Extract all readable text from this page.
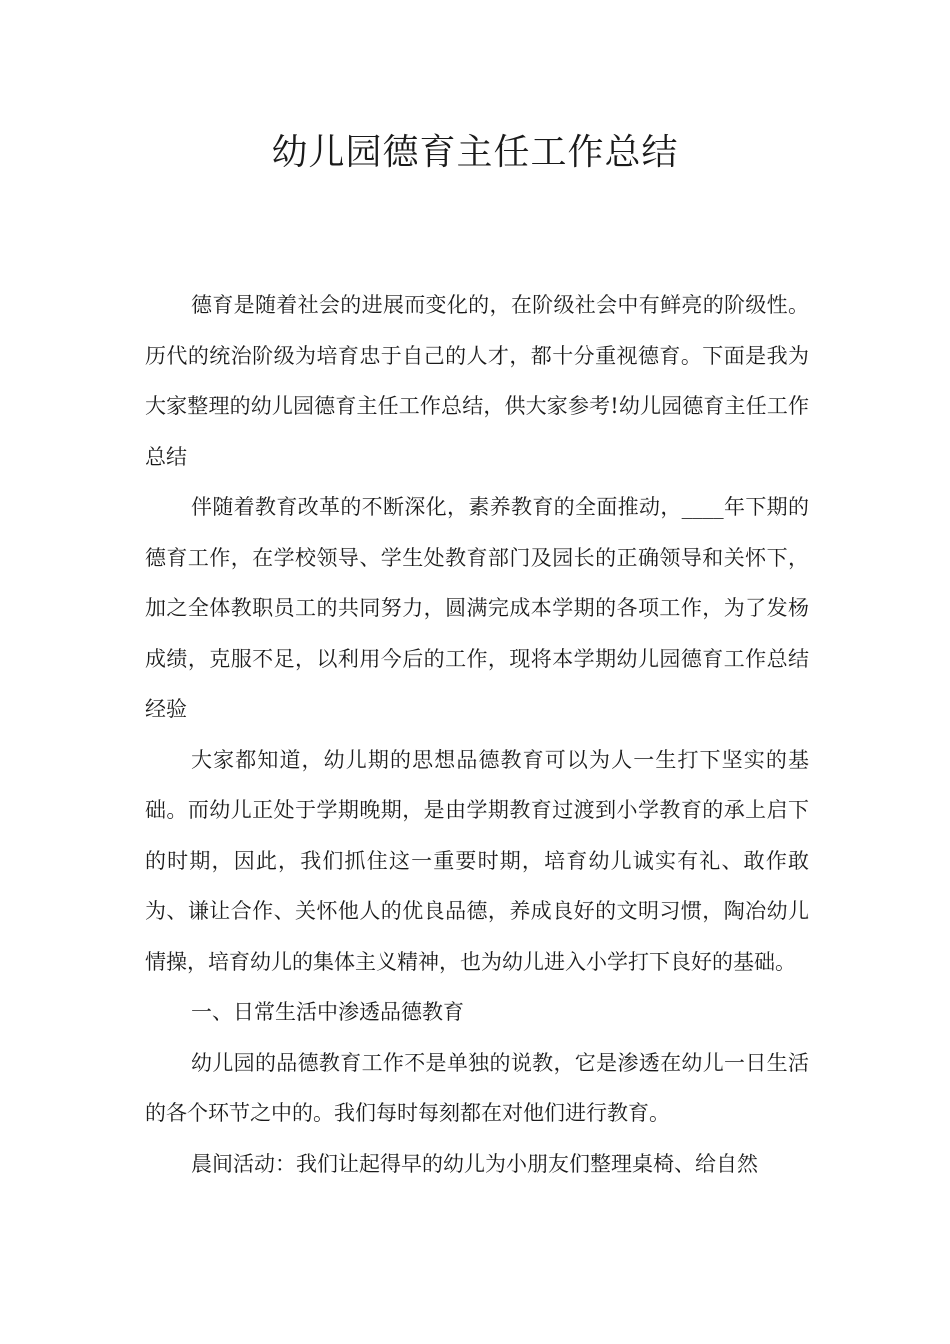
幼儿园德育主任工作总结

德育是随着社会的进展而变化的，在阶级社会中有鲜亮的阶级性。历代的统治阶级为培育忠于自己的人才，都十分重视德育。下面是我为大家整理的幼儿园德育主任工作总结，供大家参考!幼儿园德育主任工作总结

伴随着教育改革的不断深化，素养教育的全面推动，____年下期的德育工作，在学校领导、学生处教育部门及园长的正确领导和关怀下，加之全体教职员工的共同努力，圆满完成本学期的各项工作，为了发杨成绩，克服不足，以利用今后的工作，现将本学期幼儿园德育工作总结经验

大家都知道，幼儿期的思想品德教育可以为人一生打下坚实的基础。而幼儿正处于学期晚期，是由学期教育过渡到小学教育的承上启下的时期，因此，我们抓住这一重要时期，培育幼儿诚实有礼、敢作敢为、谦让合作、关怀他人的优良品德，养成良好的文明习惯，陶冶幼儿情操，培育幼儿的集体主义精神，也为幼儿进入小学打下良好的基础。

一、日常生活中渗透品德教育

幼儿园的品德教育工作不是单独的说教，它是渗透在幼儿一日生活的各个环节之中的。我们每时每刻都在对他们进行教育。

晨间活动：我们让起得早的幼儿为小朋友们整理桌椅、给自然
